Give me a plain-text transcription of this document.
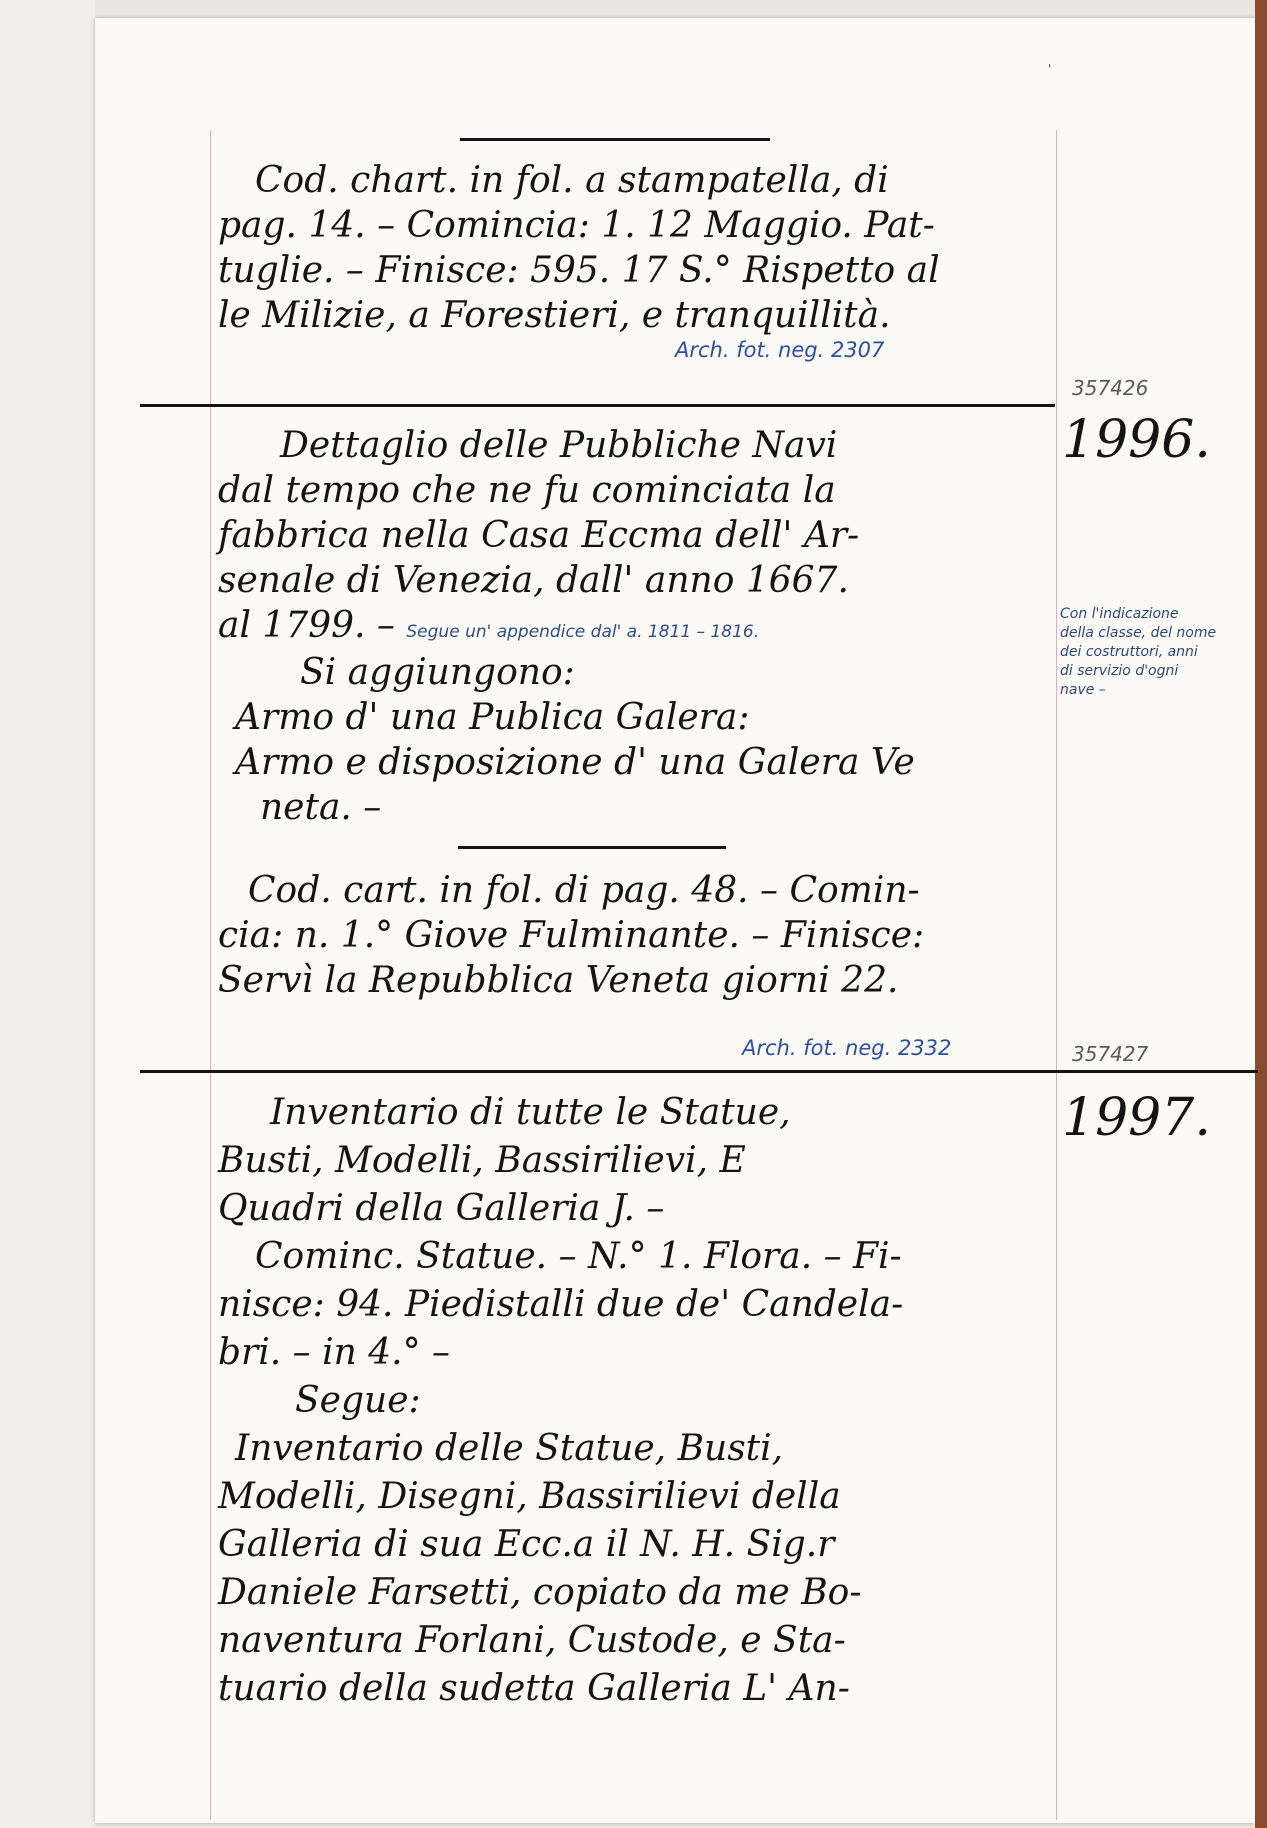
'
Cod. chart. in fol. a stampatella, di
pag. 14. – Comincia: 1. 12 Maggio. Pat-
tuglie. – Finisce: 595. 17 S.° Rispetto al
le Milizie, a Forestieri, e tranquillità.
Arch. fot. neg. 2307
357426
1996.
Dettaglio delle Pubbliche Navi
dal tempo che ne fu cominciata la
fabbrica nella Casa Eccma dell' Ar-
senale di Venezia, dall' anno 1667.
al 1799. – Segue un' appendice dal' a. 1811 – 1816.
Si aggiungono:
Armo d' una Publica Galera:
Armo e disposizione d' una Galera Ve
neta. –
Cod. cart. in fol. di pag. 48. – Comin-
cia: n. 1.° Giove Fulminante. – Finisce:
Servì la Repubblica Veneta giorni 22.
Arch. fot. neg. 2332
Con l'indicazione
della classe, del nome
dei costruttori, anni
di servizio d'ogni
nave –
357427
1997.
Inventario di tutte le Statue,
Busti, Modelli, Bassirilievi, E
Quadri della Galleria J. –
Cominc. Statue. – N.° 1. Flora. – Fi-
nisce: 94. Piedistalli due de' Candela-
bri. – in 4.° –
Segue:
Inventario delle Statue, Busti,
Modelli, Disegni, Bassirilievi della
Galleria di sua Ecc.a il N. H. Sig.r
Daniele Farsetti, copiato da me Bo-
naventura Forlani, Custode, e Sta-
tuario della sudetta Galleria L' An-
